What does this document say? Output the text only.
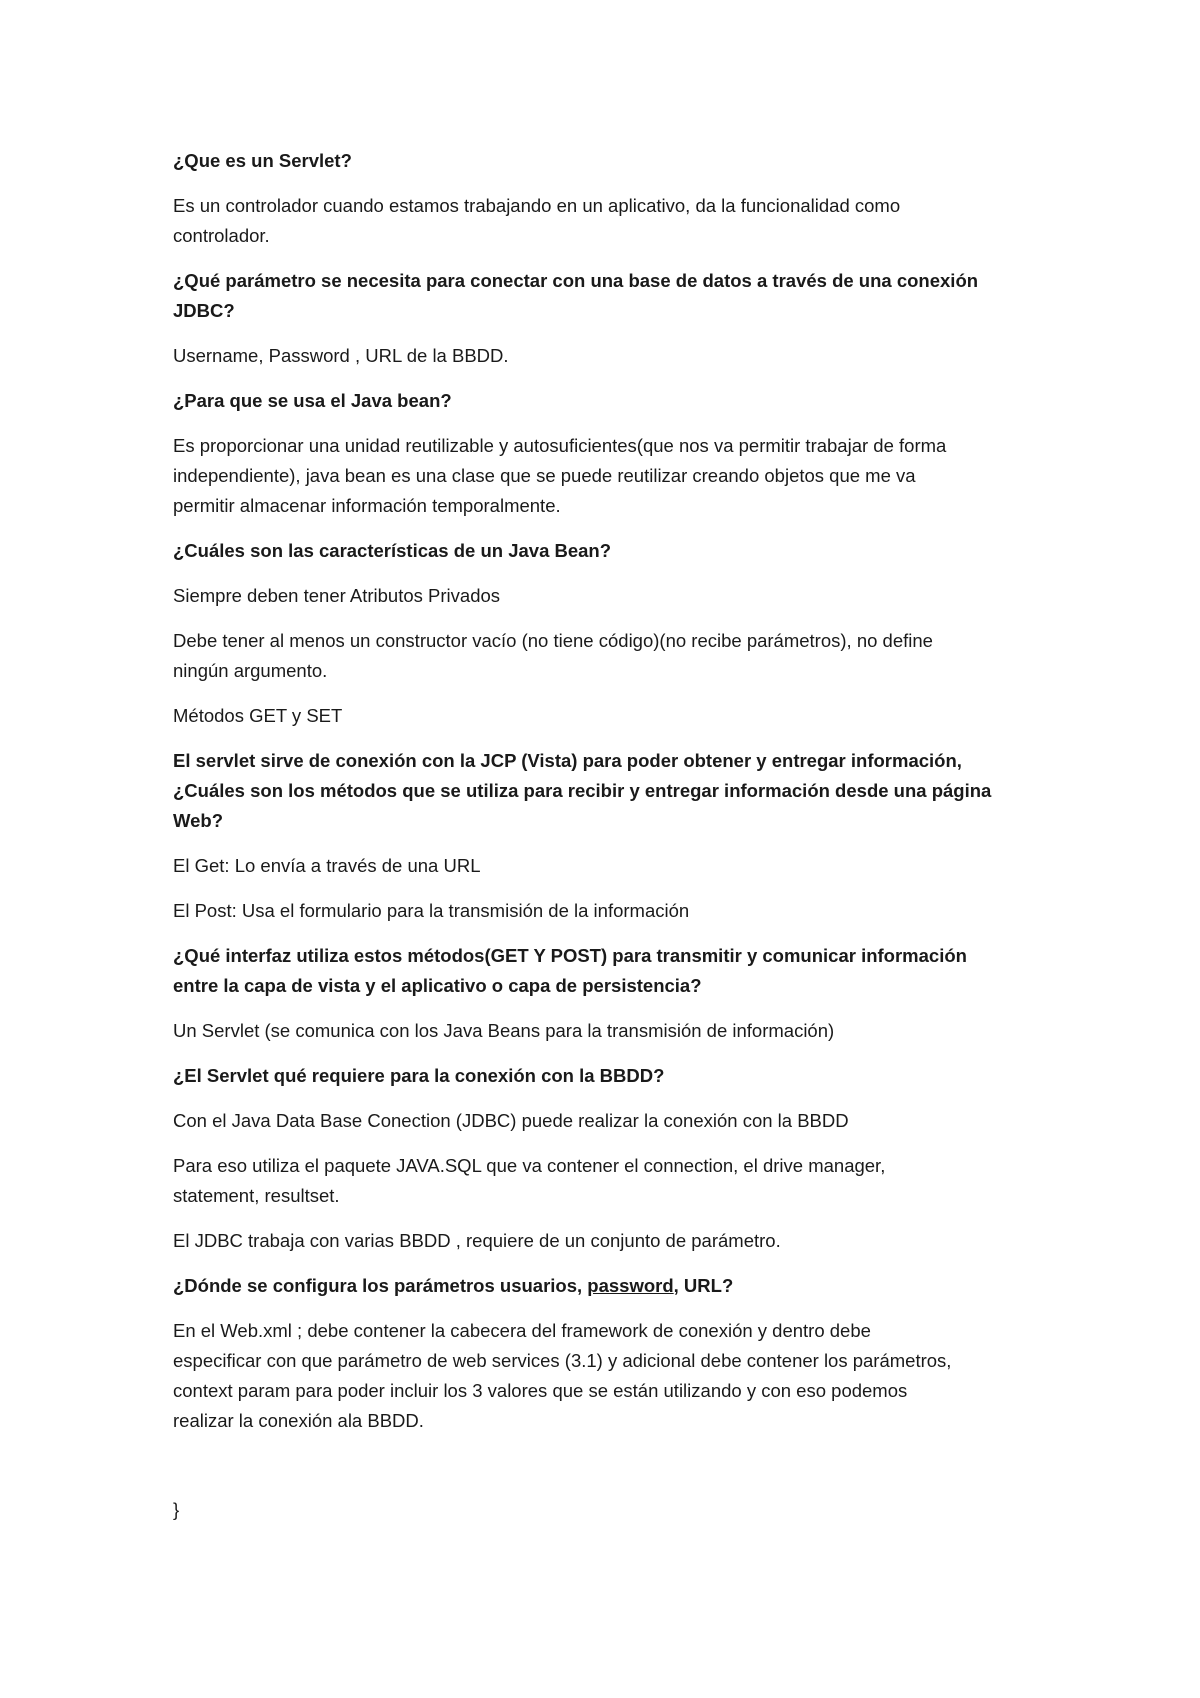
¿Que es un Servlet?

Es un controlador cuando estamos trabajando en un aplicativo, da la funcionalidad como

controlador.

¿Qué parámetro se necesita para conectar con una base de datos a través de una conexión

JDBC?

Username, Password , URL de la BBDD.

¿Para que se usa el Java bean?

Es proporcionar una unidad reutilizable y autosuficientes(que nos va permitir trabajar de forma

independiente), java bean es una clase que se puede reutilizar creando objetos que me va

permitir almacenar información temporalmente.

¿Cuáles son las características de un Java Bean?

Siempre deben tener Atributos Privados

Debe tener al menos un constructor vacío (no tiene código)(no recibe parámetros), no define

ningún argumento.

Métodos GET y SET

El servlet sirve de conexión con la JCP (Vista) para poder obtener y entregar información,

¿Cuáles son los métodos que se utiliza para recibir y entregar información desde una página

Web?

El Get: Lo envía a través de una URL

El Post: Usa el formulario para la transmisión de la información

¿Qué interfaz utiliza estos métodos(GET Y POST) para transmitir y comunicar información

entre la capa de vista y el aplicativo o capa de persistencia?

Un Servlet (se comunica con los Java Beans para la transmisión de información)

¿El Servlet qué requiere para la conexión con la BBDD?

Con el Java Data Base Conection (JDBC) puede realizar la conexión con la BBDD

Para eso utiliza el paquete JAVA.SQL que va contener el connection, el drive manager,

statement, resultset.

El JDBC trabaja con varias BBDD , requiere de un conjunto de parámetro.

¿Dónde se configura los parámetros usuarios, password, URL?

En el Web.xml ; debe contener la cabecera del framework de conexión y dentro debe

especificar con que parámetro de web services (3.1) y adicional debe contener los parámetros,

context param para poder incluir los 3 valores que se están utilizando y con eso podemos

realizar la conexión ala BBDD.

}
